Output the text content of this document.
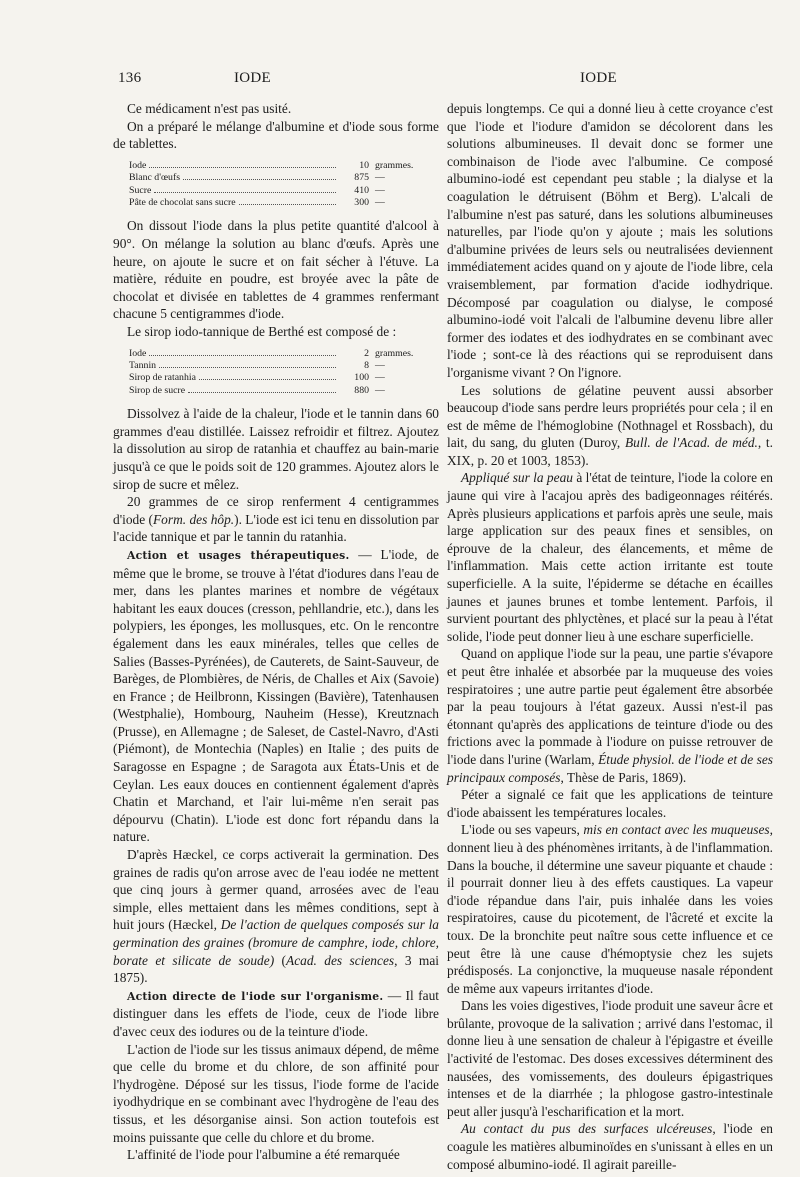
136	IODE	IODE

Ce médicament n'est pas usité.

On a préparé le mélange d'albumine et d'iode sous forme de tablettes.

Iode	10 grammes.
Blanc d'œufs	875 —
Sucre	410 —
Pâte de chocolat sans sucre	300 —

On dissout l'iode dans la plus petite quantité d'alcool à 90°. On mélange la solution au blanc d'œufs. Après une heure, on ajoute le sucre et on fait sécher à l'étuve. La matière, réduite en poudre, est broyée avec la pâte de chocolat et divisée en tablettes de 4 grammes renfermant chacune 5 centigrammes d'iode.

Le sirop iodo-tannique de Berthé est composé de :

Iode	2 grammes.
Tannin	8 —
Sirop de ratanhia	100 —
Sirop de sucre	880 —

Dissolvez à l'aide de la chaleur, l'iode et le tannin dans 60 grammes d'eau distillée. Laissez refroidir et filtrez. Ajoutez la dissolution au sirop de ratanhia et chauffez au bain-marie jusqu'à ce que le poids soit de 120 grammes. Ajoutez alors le sirop de sucre et mêlez.

20 grammes de ce sirop renferment 4 centigrammes d'iode (Form. des hôp.). L'iode est ici tenu en dissolution par l'acide tannique et par le tannin du ratanhia.

Action et usages thérapeutiques. — L'iode, de même que le brome, se trouve à l'état d'iodures dans l'eau de mer, dans les plantes marines et nombre de végétaux habitant les eaux douces (cresson, pehllandrie, etc.), dans les polypiers, les éponges, les mollusques, etc. On le rencontre également dans les eaux minérales, telles que celles de Salies (Basses-Pyrénées), de Cauterets, de Saint-Sauveur, de Barèges, de Plombières, de Néris, de Challes et Aix (Savoie) en France ; de Heilbronn, Kissingen (Bavière), Tatenhausen (Westphalie), Hombourg, Nauheim (Hesse), Kreutznach (Prusse), en Allemagne ; de Saleset, de Castel-Navro, d'Asti (Piémont), de Montechia (Naples) en Italie ; des puits de Saragosse en Espagne ; de Saragota aux États-Unis et de Ceylan. Les eaux douces en contiennent également d'après Chatin et Marchand, et l'air lui-même n'en serait pas dépourvu (Chatin). L'iode est donc fort répandu dans la nature.

D'après Hæckel, ce corps activerait la germination. Des graines de radis qu'on arrose avec de l'eau iodée ne mettent que cinq jours à germer quand, arrosées avec de l'eau simple, elles mettaient dans les mêmes conditions, sept à huit jours (Hæckel, De l'action de quelques composés sur la germination des graines (bromure de camphre, iode, chlore, borate et silicate de soude) (Acad. des sciences, 3 mai 1875).

Action directe de l'iode sur l'organisme. — Il faut distinguer dans les effets de l'iode, ceux de l'iode libre d'avec ceux des iodures ou de la teinture d'iode.

L'action de l'iode sur les tissus animaux dépend, de même que celle du brome et du chlore, de son affinité pour l'hydrogène. Déposé sur les tissus, l'iode forme de l'acide iyodhydrique en se combinant avec l'hydrogène de l'eau des tissus, et les désorganise ainsi. Son action toutefois est moins puissante que celle du chlore et du brome.

L'affinité de l'iode pour l'albumine a été remarquée

depuis longtemps. Ce qui a donné lieu à cette croyance c'est que l'iode et l'iodure d'amidon se décolorent dans les solutions albumineuses. Il devait donc se former une combinaison de l'iode avec l'albumine. Ce composé albumino-iodé est cependant peu stable ; la dialyse et la coagulation le détruisent (Böhm et Berg). L'alcali de l'albumine n'est pas saturé, dans les solutions albumineuses naturelles, par l'iode qu'on y ajoute ; mais les solutions d'albumine privées de leurs sels ou neutralisées deviennent immédiatement acides quand on y ajoute de l'iode libre, cela vraisemblement, par formation d'acide iodhydrique. Décomposé par coagulation ou dialyse, le composé albumino-iodé voit l'alcali de l'albumine devenu libre aller former des iodates et des iodhydrates en se combinant avec l'iode ; sont-ce là des réactions qui se reproduisent dans l'organisme vivant ? On l'ignore.

Les solutions de gélatine peuvent aussi absorber beaucoup d'iode sans perdre leurs propriétés pour cela ; il en est de même de l'hémoglobine (Nothnagel et Rossbach), du lait, du sang, du gluten (Duroy, Bull. de l'Acad. de méd., t. XIX, p. 20 et 1003, 1853).

Appliqué sur la peau à l'état de teinture, l'iode la colore en jaune qui vire à l'acajou après des badigeonnages réitérés. Après plusieurs applications et parfois après une seule, mais large application sur des peaux fines et sensibles, on éprouve de la chaleur, des élancements, et même de l'inflammation. Mais cette action irritante est toute superficielle. A la suite, l'épiderme se détache en écailles jaunes et jaunes brunes et tombe lentement. Parfois, il survient pourtant des phlyctènes, et placé sur la peau à l'état solide, l'iode peut donner lieu à une eschare superficielle.

Quand on applique l'iode sur la peau, une partie s'évapore et peut être inhalée et absorbée par la muqueuse des voies respiratoires ; une autre partie peut également être absorbée par la peau toujours à l'état gazeux. Aussi n'est-il pas étonnant qu'après des applications de teinture d'iode ou des frictions avec la pommade à l'iodure on puisse retrouver de l'iode dans l'urine (Warlam, Étude physiol. de l'iode et de ses principaux composés, Thèse de Paris, 1869).

Péter a signalé ce fait que les applications de teinture d'iode abaissent les températures locales.

L'iode ou ses vapeurs, mis en contact avec les muqueuses, donnent lieu à des phénomènes irritants, à de l'inflammation. Dans la bouche, il détermine une saveur piquante et chaude : il pourrait donner lieu à des effets caustiques. La vapeur d'iode répandue dans l'air, puis inhalée dans les voies respiratoires, cause du picotement, de l'âcreté et excite la toux. De la bronchite peut naître sous cette influence et ce peut être là une cause d'hémoptysie chez les sujets prédisposés. La conjonctive, la muqueuse nasale répondent de même aux vapeurs irritantes d'iode.

Dans les voies digestives, l'iode produit une saveur âcre et brûlante, provoque de la salivation ; arrivé dans l'estomac, il donne lieu à une sensation de chaleur à l'épigastre et éveille l'activité de l'estomac. Des doses excessives déterminent des nausées, des vomissements, des douleurs épigastriques intenses et de la diarrhée ; la phlogose gastro-intestinale peut aller jusqu'à l'escharification et la mort.

Au contact du pus des surfaces ulcéreuses, l'iode en coagule les matières albuminoïdes en s'unissant à elles en un composé albumino-iodé. Il agirait pareille-
